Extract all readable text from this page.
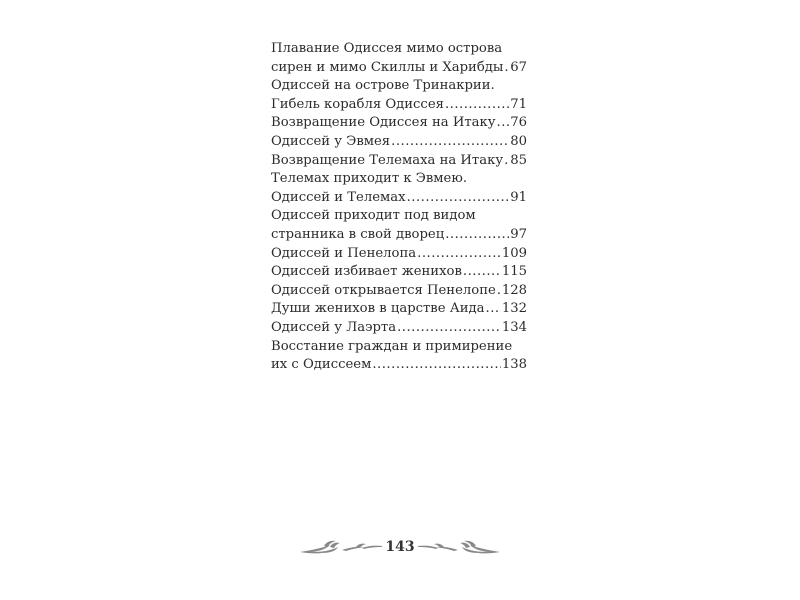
Плавание Одиссея мимо острова
сирен и мимо Скиллы и Харибды ..... 67
Одиссей на острове Тринакрии.
Гибель корабля Одиссея .....	71
Возвращение Одиссея на Итаку ..... 76
Одиссей у Эвмея .....	80
Возвращение Телемаха на Итаку ..... 85
Телемах приходит к Эвмею.
Одиссей и Телемах .....	91
Одиссей приходит под видом
странника в свой дворец .....	97
Одиссей и Пенелопа .....	109
Одиссей избивает женихов .....	115
Одиссей открывается Пенелопе ..... 128
Души женихов в царстве Аида ..... 132
Одиссей у Лаэрта .....	134
Восстание граждан и примирение
их с Одиссеем .....	138
143
